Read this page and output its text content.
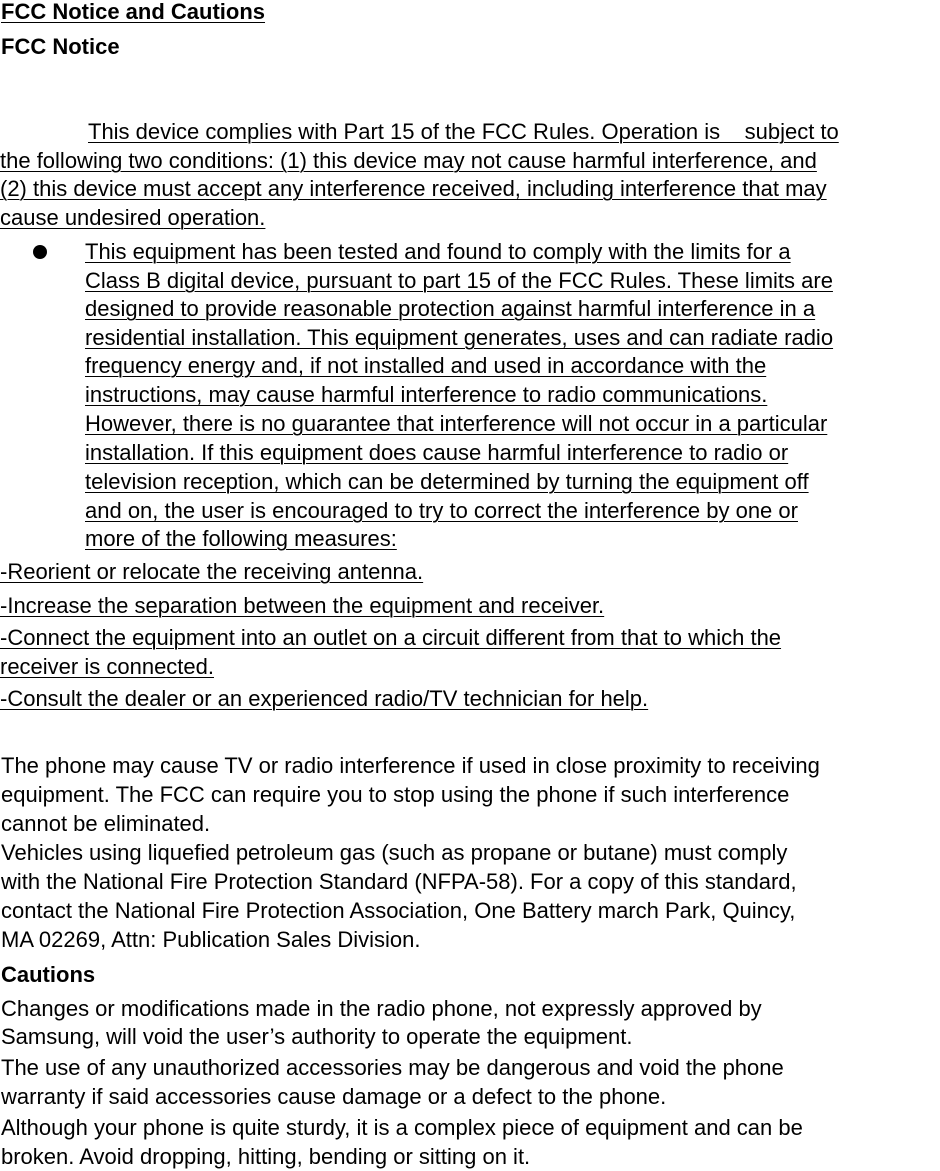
FCC Notice and Cautions
FCC Notice
This device complies with Part 15 of the FCC Rules. Operation is    subject to
the following two conditions: (1) this device may not cause harmful interference, and
(2) this device must accept any interference received, including interference that may
cause undesired operation.
This equipment has been tested and found to comply with the limits for a
Class B digital device, pursuant to part 15 of the FCC Rules. These limits are
designed to provide reasonable protection against harmful interference in a
residential installation. This equipment generates, uses and can radiate radio
frequency energy and, if not installed and used in accordance with the
instructions, may cause harmful interference to radio communications.
However, there is no guarantee that interference will not occur in a particular
installation. If this equipment does cause harmful interference to radio or
television reception, which can be determined by turning the equipment off
and on, the user is encouraged to try to correct the interference by one or
more of the following measures:
-Reorient or relocate the receiving antenna.
-Increase the separation between the equipment and receiver.
-Connect the equipment into an outlet on a circuit different from that to which the
receiver is connected.
-Consult the dealer or an experienced radio/TV technician for help.
The phone may cause TV or radio interference if used in close proximity to receiving
equipment. The FCC can require you to stop using the phone if such interference
cannot be eliminated.
Vehicles using liquefied petroleum gas (such as propane or butane) must comply
with the National Fire Protection Standard (NFPA-58). For a copy of this standard,
contact the National Fire Protection Association, One Battery march Park, Quincy,
MA 02269, Attn: Publication Sales Division.
Cautions
Changes or modifications made in the radio phone, not expressly approved by
Samsung, will void the user’s authority to operate the equipment.
The use of any unauthorized accessories may be dangerous and void the phone
warranty if said accessories cause damage or a defect to the phone.
Although your phone is quite sturdy, it is a complex piece of equipment and can be
broken. Avoid dropping, hitting, bending or sitting on it.
